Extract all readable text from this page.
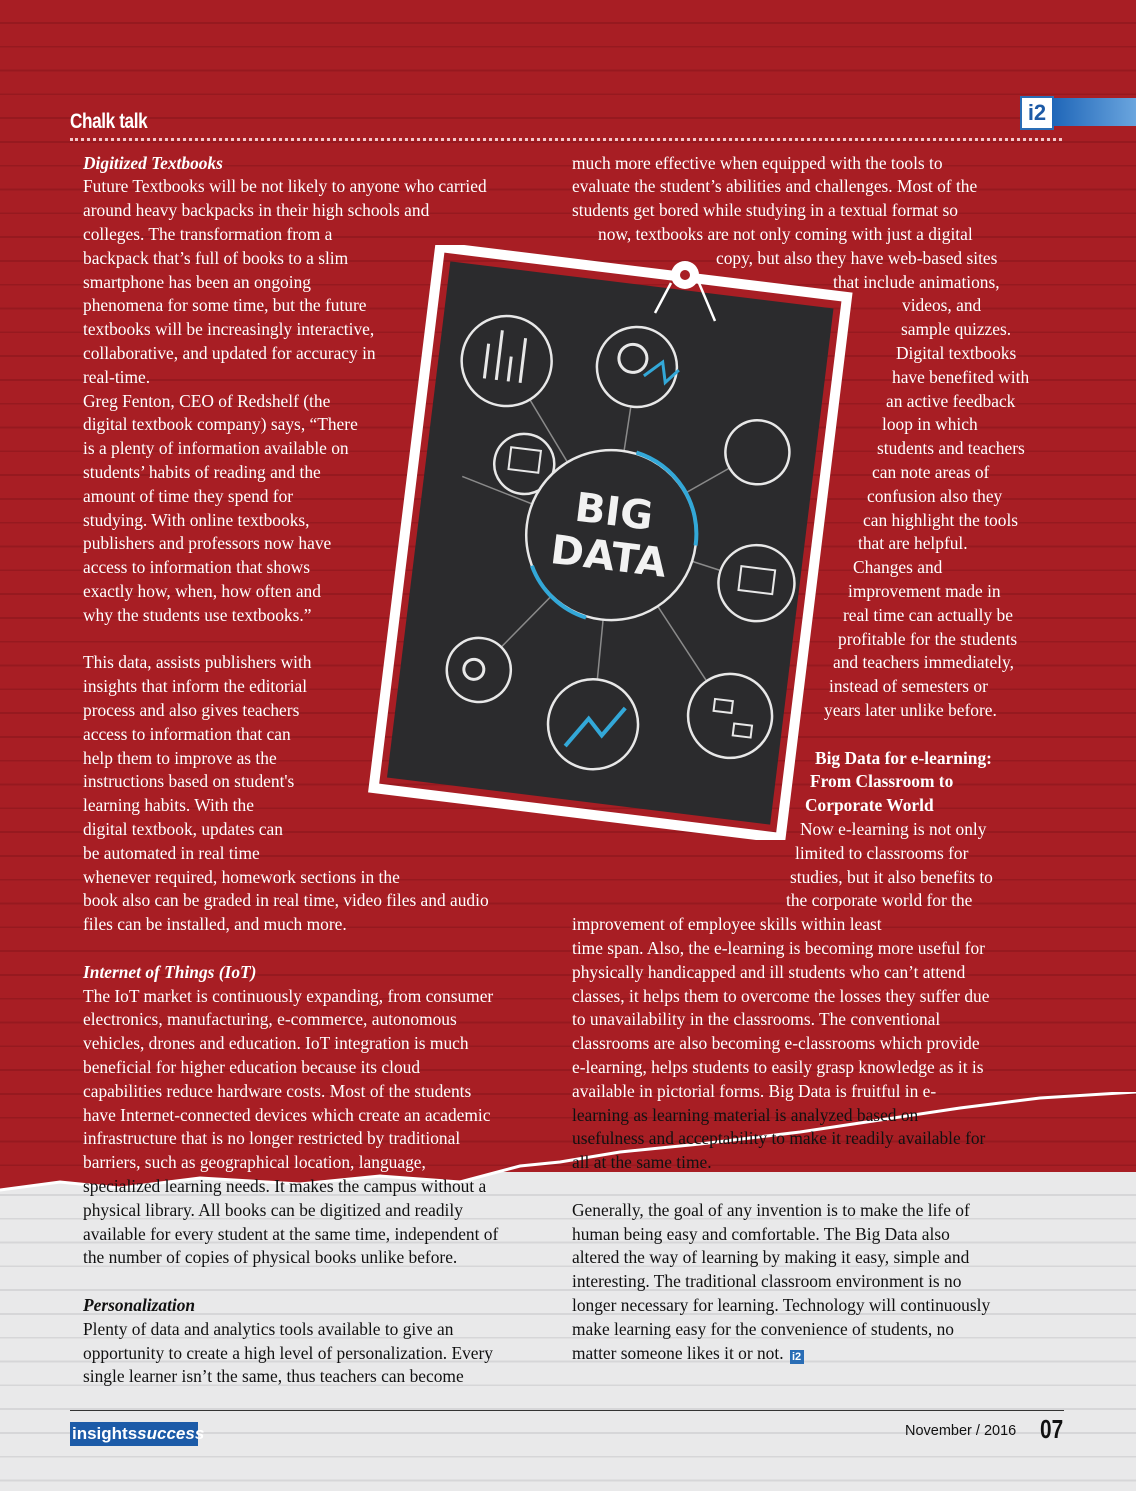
Chalk talk	i2
Digitized Textbooks
Future Textbooks will be not likely to anyone who carried
around heavy backpacks in their high schools and
colleges. The transformation from a
backpack that’s full of books to a slim
smartphone has been an ongoing
phenomena for some time, but the future
textbooks will be increasingly interactive,
collaborative, and updated for accuracy in
real-time.
Greg Fenton, CEO of Redshelf (the
digital textbook company) says, “There
is a plenty of information available on
students’ habits of reading and the
amount of time they spend for
studying. With online textbooks,
publishers and professors now have
access to information that shows
exactly how, when, how often and
why the students use textbooks.”
This data, assists publishers with
insights that inform the editorial
process and also gives teachers
access to information that can
help them to improve as the
instructions based on student's
learning habits. With the
digital textbook, updates can
be automated in real time
whenever required, homework sections in the
book also can be graded in real time, video files and audio
files can be installed, and much more.
Internet of Things (IoT)
The IoT market is continuously expanding, from consumer
electronics, manufacturing, e-commerce, autonomous
vehicles, drones and education. IoT integration is much
beneficial for higher education because its cloud
capabilities reduce hardware costs. Most of the students
have Internet-connected devices which create an academic
infrastructure that is no longer restricted by traditional
barriers, such as geographical location, language,
specialized learning needs. It makes the campus without a
physical library. All books can be digitized and readily
available for every student at the same time, independent of
the number of copies of physical books unlike before.
Personalization
Plenty of data and analytics tools available to give an
opportunity to create a high level of personalization. Every
single learner isn’t the same, thus teachers can become
much more effective when equipped with the tools to
evaluate the student’s abilities and challenges. Most of the
students get bored while studying in a textual format so
now, textbooks are not only coming with just a digital
copy, but also they have web-based sites
that include animations,
videos, and
sample quizzes.
Digital textbooks
have benefited with
an active feedback
loop in which
students and teachers
can note areas of
confusion also they
can highlight the tools
that are helpful.
Changes and
improvement made in
real time can actually be
profitable for the students
and teachers immediately,
instead of semesters or
years later unlike before.
Big Data for e-learning:
From Classroom to
Corporate World
Now e-learning is not only
limited to classrooms for
studies, but it also benefits to
the corporate world for the
improvement of employee skills within least
time span. Also, the e-learning is becoming more useful for
physically handicapped and ill students who can’t attend
classes, it helps them to overcome the losses they suffer due
to unavailability in the classrooms. The conventional
classrooms are also becoming e-classrooms which provide
e-learning, helps students to easily grasp knowledge as it is
available in pictorial forms. Big Data is fruitful in e-
learning as learning material is analyzed based on
usefulness and acceptability to make it readily available for
all at the same time.
Generally, the goal of any invention is to make the life of
human being easy and comfortable. The Big Data also
altered the way of learning by making it easy, simple and
interesting. The traditional classroom environment is no
longer necessary for learning. Technology will continuously
make learning easy for the convenience of students, no
matter someone likes it or not. i2
BIG
DATA
insightssuccess	November / 2016 07
